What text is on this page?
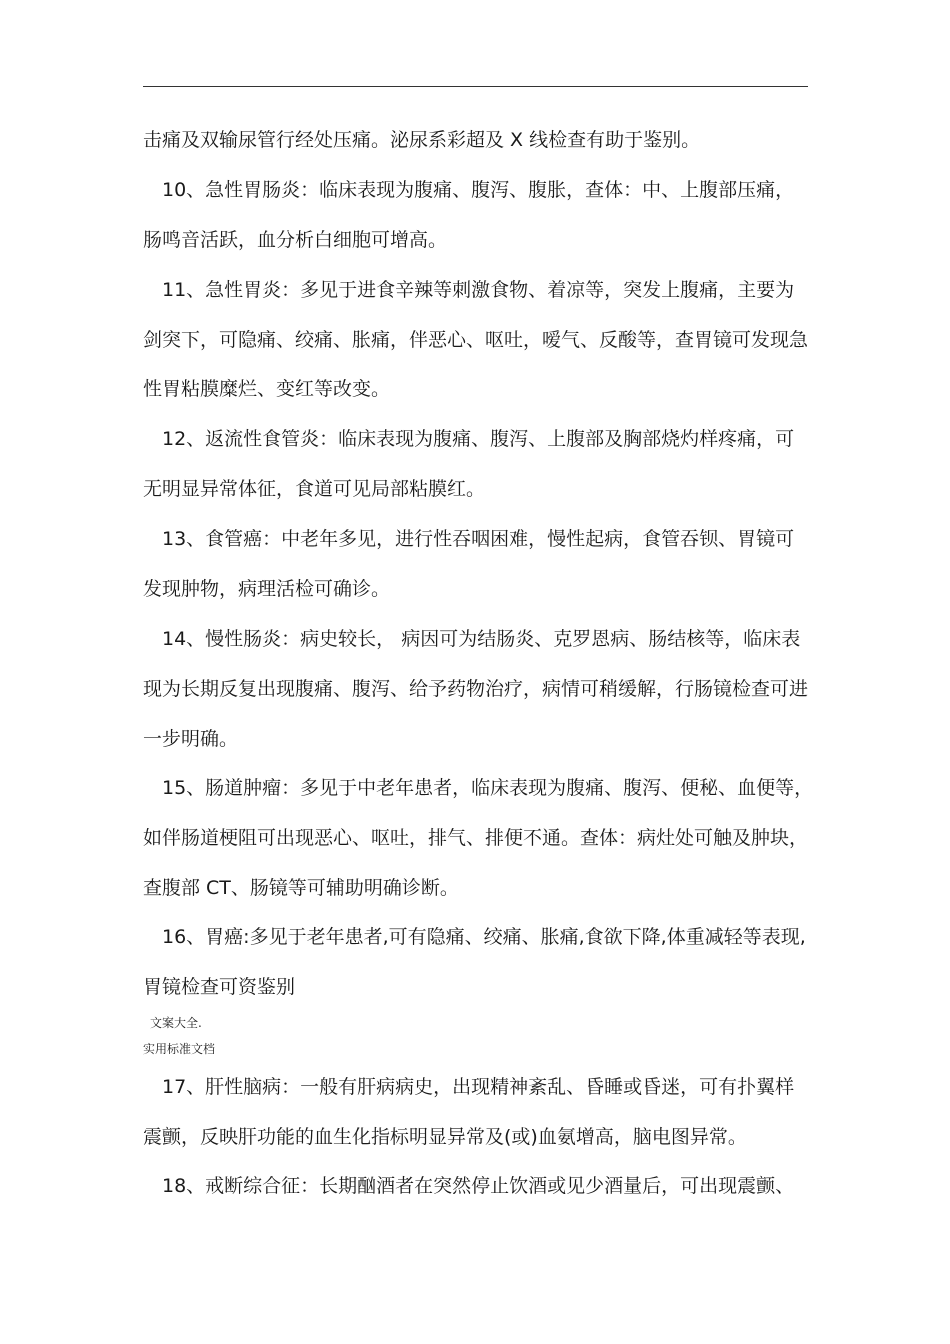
击痛及双输尿管行经处压痛。泌尿系彩超及 X 线检查有助于鉴别。
10、急性胃肠炎：临床表现为腹痛、腹泻、腹胀，查体：中、上腹部压痛，
肠鸣音活跃，血分析白细胞可增高。
11、急性胃炎：多见于进食辛辣等刺激食物、着凉等，突发上腹痛，主要为
剑突下，可隐痛、绞痛、胀痛，伴恶心、呕吐，嗳气、反酸等，查胃镜可发现急
性胃粘膜糜烂、变红等改变。
12、返流性食管炎：临床表现为腹痛、腹泻、上腹部及胸部烧灼样疼痛，可
无明显异常体征，食道可见局部粘膜红。
13、食管癌：中老年多见，进行性吞咽困难，慢性起病，食管吞钡、胃镜可
发现肿物，病理活检可确诊。
14、慢性肠炎：病史较长， 病因可为结肠炎、克罗恩病、肠结核等，临床表
现为长期反复出现腹痛、腹泻、给予药物治疗，病情可稍缓解，行肠镜检查可进
一步明确。
15、肠道肿瘤：多见于中老年患者，临床表现为腹痛、腹泻、便秘、血便等，
如伴肠道梗阻可出现恶心、呕吐，排气、排便不通。查体：病灶处可触及肿块，
查腹部 CT、肠镜等可辅助明确诊断。
16、胃癌:多见于老年患者,可有隐痛、绞痛、胀痛,食欲下降,体重减轻等表现,
胃镜检查可资鉴别
文案大全.
实用标准文档
17、肝性脑病：一般有肝病病史，出现精神紊乱、昏睡或昏迷，可有扑翼样
震颤，反映肝功能的血生化指标明显异常及(或)血氨增高，脑电图异常。
18、戒断综合征：长期酗酒者在突然停止饮酒或见少酒量后，可出现震颤、
